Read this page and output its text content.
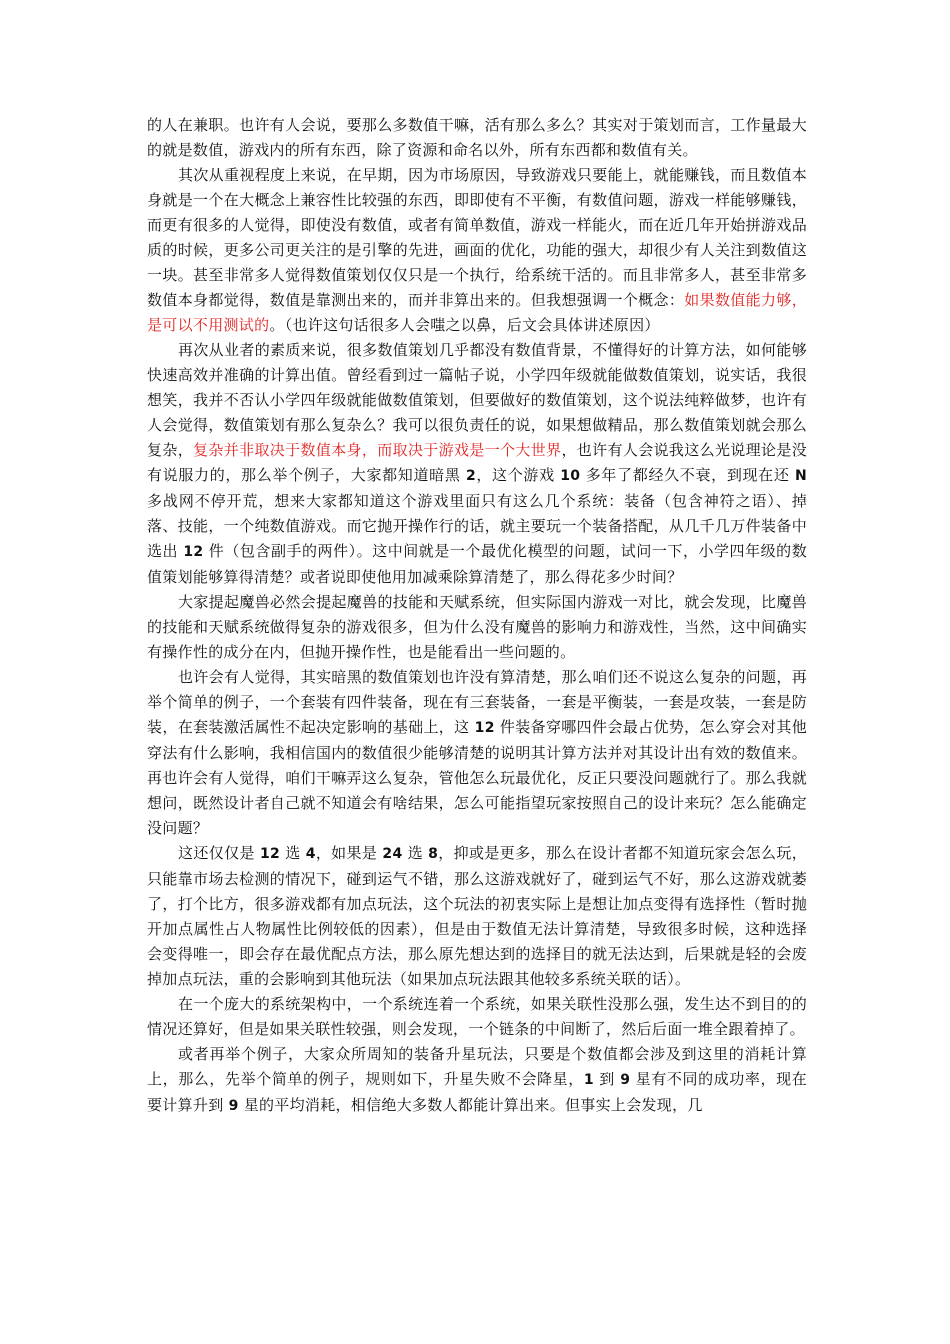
的人在兼职。也许有人会说，要那么多数值干嘛，活有那么多么？其实对于策划而言，工作量最大的就是数值，游戏内的所有东西，除了资源和命名以外，所有东西都和数值有关。

其次从重视程度上来说，在早期，因为市场原因，导致游戏只要能上，就能赚钱，而且数值本身就是一个在大概念上兼容性比较强的东西，即即使有不平衡，有数值问题，游戏一样能够赚钱，而更有很多的人觉得，即使没有数值，或者有简单数值，游戏一样能火，而在近几年开始拼游戏品质的时候，更多公司更关注的是引擎的先进，画面的优化，功能的强大，却很少有人关注到数值这一块。甚至非常多人觉得数值策划仅仅只是一个执行，给系统干活的。而且非常多人，甚至非常多数值本身都觉得，数值是靠测出来的，而并非算出来的。但我想强调一个概念：如果数值能力够，是可以不用测试的。（也许这句话很多人会嗤之以鼻，后文会具体讲述原因）

再次从业者的素质来说，很多数值策划几乎都没有数值背景，不懂得好的计算方法，如何能够快速高效并准确的计算出值。曾经看到过一篇帖子说，小学四年级就能做数值策划，说实话，我很想笑，我并不否认小学四年级就能做数值策划，但要做好的数值策划，这个说法纯粹做梦，也许有人会觉得，数值策划有那么复杂么？我可以很负责任的说，如果想做精品，那么数值策划就会那么复杂，复杂并非取决于数值本身，而取决于游戏是一个大世界，也许有人会说我这么光说理论是没有说服力的，那么举个例子，大家都知道暗黑 2，这个游戏 10 多年了都经久不衰，到现在还 N 多战网不停开荒，想来大家都知道这个游戏里面只有这么几个系统：装备（包含神符之语）、掉落、技能，一个纯数值游戏。而它抛开操作行的话，就主要玩一个装备搭配，从几千几万件装备中选出 12 件（包含副手的两件）。这中间就是一个最优化模型的问题，试问一下，小学四年级的数值策划能够算得清楚？或者说即使他用加减乘除算清楚了，那么得花多少时间？

大家提起魔兽必然会提起魔兽的技能和天赋系统，但实际国内游戏一对比，就会发现，比魔兽的技能和天赋系统做得复杂的游戏很多，但为什么没有魔兽的影响力和游戏性，当然，这中间确实有操作性的成分在内，但抛开操作性，也是能看出一些问题的。

也许会有人觉得，其实暗黑的数值策划也许没有算清楚，那么咱们还不说这么复杂的问题，再举个简单的例子，一个套装有四件装备，现在有三套装备，一套是平衡装，一套是攻装，一套是防装，在套装激活属性不起决定影响的基础上，这 12 件装备穿哪四件会最占优势，怎么穿会对其他穿法有什么影响，我相信国内的数值很少能够清楚的说明其计算方法并对其设计出有效的数值来。再也许会有人觉得，咱们干嘛弄这么复杂，管他怎么玩最优化，反正只要没问题就行了。那么我就想问，既然设计者自己就不知道会有啥结果，怎么可能指望玩家按照自己的设计来玩？怎么能确定没问题？

这还仅仅是 12 选 4，如果是 24 选 8，抑或是更多，那么在设计者都不知道玩家会怎么玩，只能靠市场去检测的情况下，碰到运气不错，那么这游戏就好了，碰到运气不好，那么这游戏就萎了，打个比方，很多游戏都有加点玩法，这个玩法的初衷实际上是想让加点变得有选择性（暂时抛开加点属性占人物属性比例较低的因素），但是由于数值无法计算清楚，导致很多时候，这种选择会变得唯一，即会存在最优配点方法，那么原先想达到的选择目的就无法达到，后果就是轻的会废掉加点玩法，重的会影响到其他玩法（如果加点玩法跟其他较多系统关联的话）。

在一个庞大的系统架构中，一个系统连着一个系统，如果关联性没那么强，发生达不到目的的情况还算好，但是如果关联性较强，则会发现，一个链条的中间断了，然后后面一堆全跟着掉了。

或者再举个例子，大家众所周知的装备升星玩法，只要是个数值都会涉及到这里的消耗计算上，那么，先举个简单的例子，规则如下，升星失败不会降星，1 到 9 星有不同的成功率，现在要计算升到 9 星的平均消耗，相信绝大多数人都能计算出来。但事实上会发现，几
